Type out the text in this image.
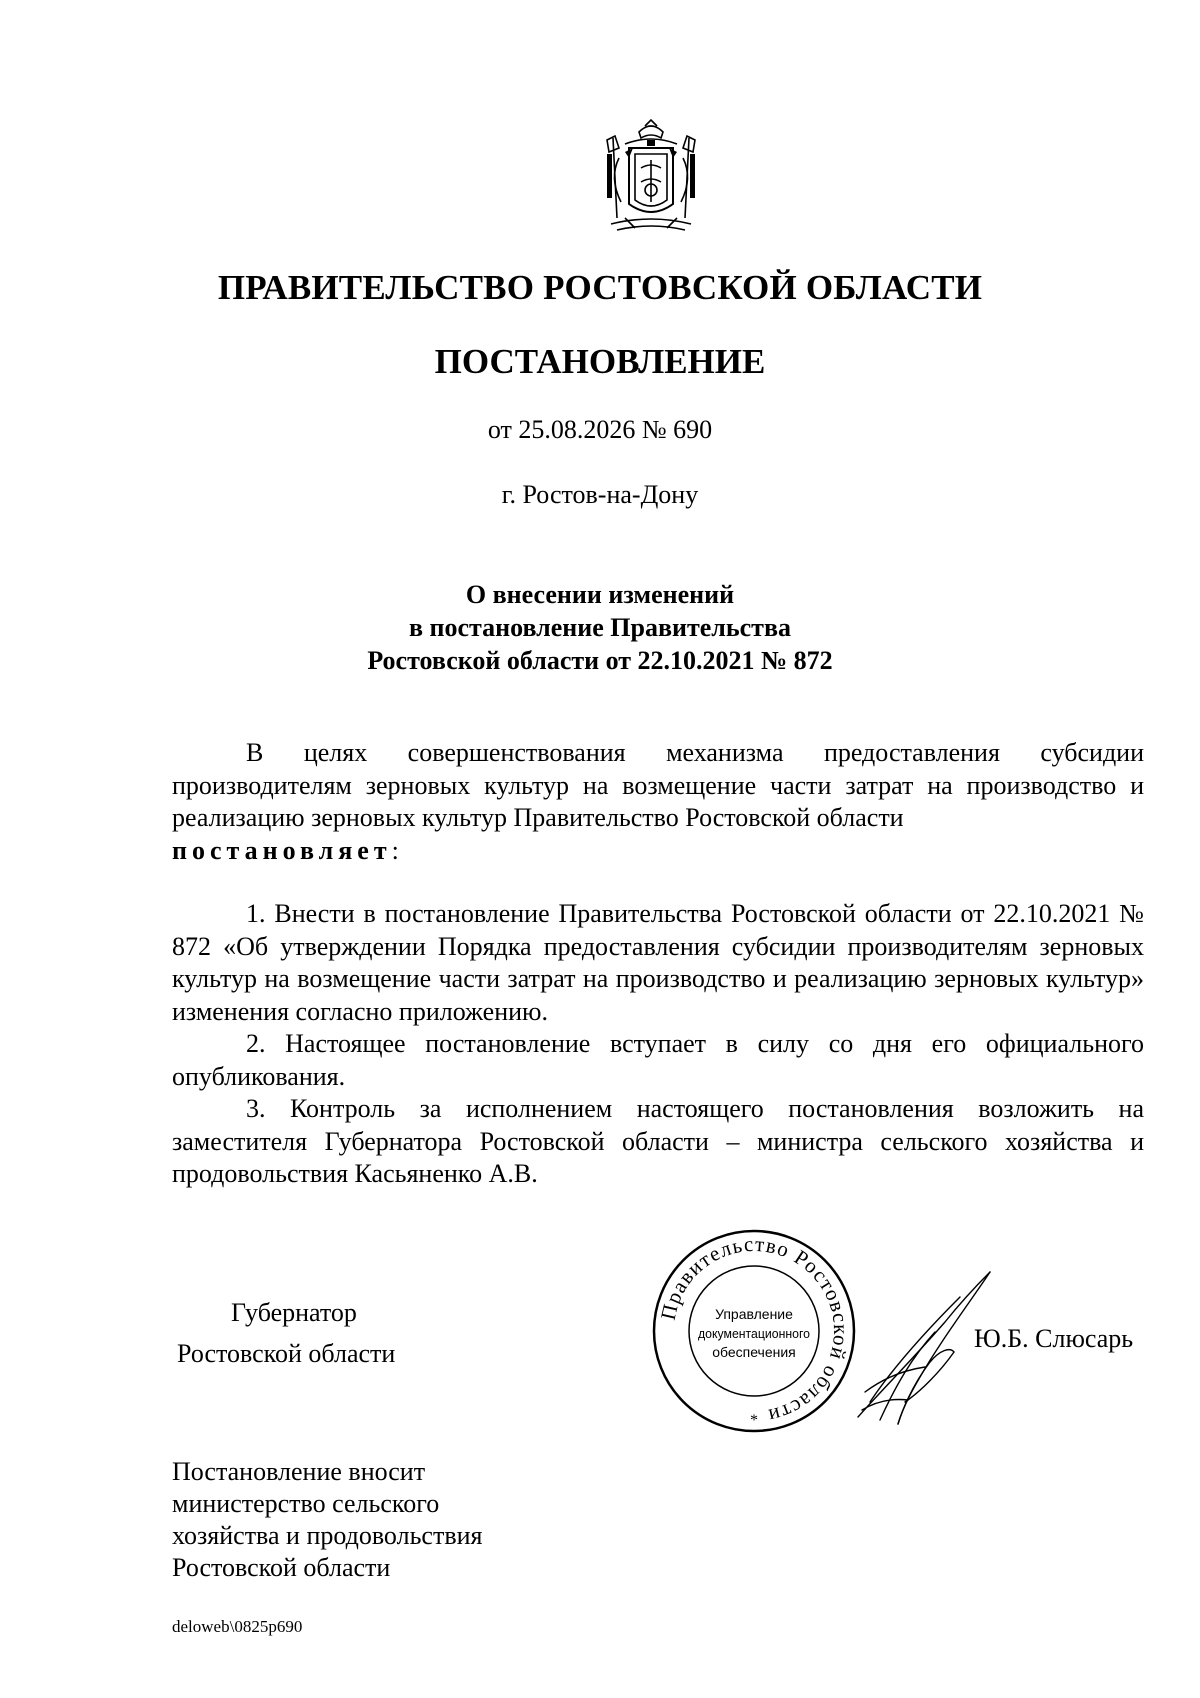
ПРАВИТЕЛЬСТВО РОСТОВСКОЙ ОБЛАСТИ
ПОСТАНОВЛЕНИЕ
от 25.08.2026 № 690
г. Ростов-на-Дону
О внесении изменений
в постановление Правительства
Ростовской области от 22.10.2021 № 872

В целях совершенствования механизма предоставления субсидии производителям зерновых культур на возмещение части затрат на производство и реализацию зерновых культур Правительство Ростовской области
постановляет:

1. Внести в постановление Правительства Ростовской области от 22.10.2021 № 872 «Об утверждении Порядка предоставления субсидии производителям зерновых культур на возмещение части затрат на производство и реализацию зерновых культур» изменения согласно приложению.

2. Настоящее постановление вступает в силу со дня его официального опубликования.

3. Контроль за исполнением настоящего постановления возложить на заместителя Губернатора Ростовской области – министра сельского хозяйства и продовольствия Касьяненко А.В.

Губернатор
Ростовской области
Правительство Ростовской области
Управление
документационного
обеспечения
*
Ю.Б. Слюсарь
Постановление вносит
министерство сельского
хозяйства и продовольствия
Ростовской области
deloweb\0825p690
